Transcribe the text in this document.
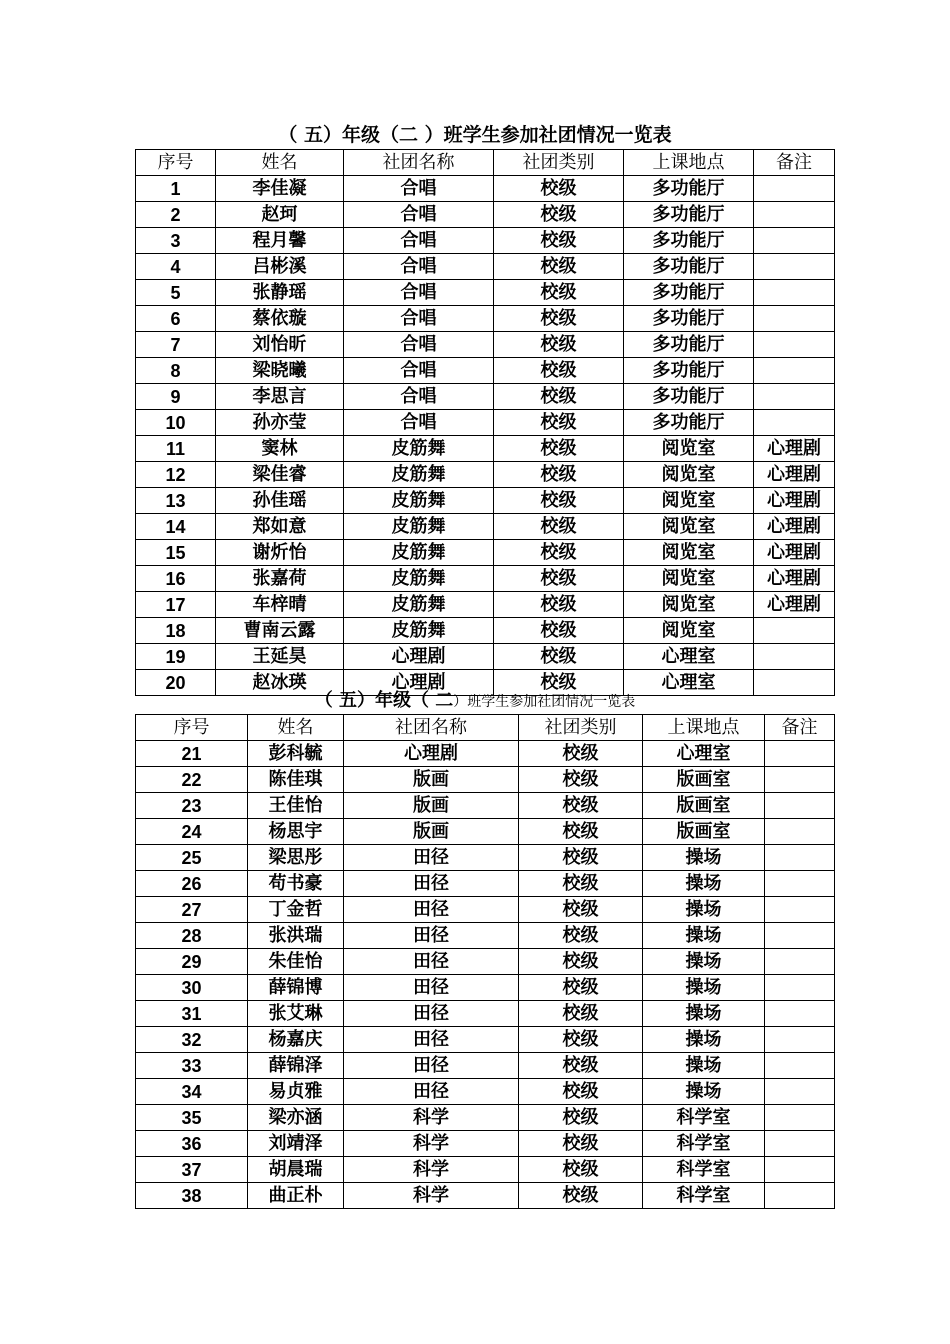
（ 五）年级（二 ）班学生参加社团情况一览表
序号	姓名	社团名称	社团类别	上课地点	备注
1	李佳凝	合唱	校级	多功能厅	
2	赵珂	合唱	校级	多功能厅	
3	程月馨	合唱	校级	多功能厅	
4	吕彬溪	合唱	校级	多功能厅	
5	张静瑶	合唱	校级	多功能厅	
6	蔡依璇	合唱	校级	多功能厅	
7	刘怡昕	合唱	校级	多功能厅	
8	梁晓曦	合唱	校级	多功能厅	
9	李思言	合唱	校级	多功能厅	
10	孙亦莹	合唱	校级	多功能厅	
11	窦林	皮筋舞	校级	阅览室	心理剧
12	梁佳睿	皮筋舞	校级	阅览室	心理剧
13	孙佳瑶	皮筋舞	校级	阅览室	心理剧
14	郑如意	皮筋舞	校级	阅览室	心理剧
15	谢炘怡	皮筋舞	校级	阅览室	心理剧
16	张嘉荷	皮筋舞	校级	阅览室	心理剧
17	车梓晴	皮筋舞	校级	阅览室	心理剧
18	曹南云露	皮筋舞	校级	阅览室	
19	王延昊	心理剧	校级	心理室	
20	赵冰瑛	心理剧	校级	心理室	
（ 五）年级（ 二）班学生参加社团情况一览表
序号	姓名	社团名称	社团类别	上课地点	备注
21	彭科毓	心理剧	校级	心理室	
22	陈佳琪	版画	校级	版画室	
23	王佳怡	版画	校级	版画室	
24	杨思宇	版画	校级	版画室	
25	梁思彤	田径	校级	操场	
26	苟书豪	田径	校级	操场	
27	丁金哲	田径	校级	操场	
28	张洪瑞	田径	校级	操场	
29	朱佳怡	田径	校级	操场	
30	薛锦博	田径	校级	操场	
31	张艾琳	田径	校级	操场	
32	杨嘉庆	田径	校级	操场	
33	薛锦泽	田径	校级	操场	
34	易贞雅	田径	校级	操场	
35	梁亦涵	科学	校级	科学室	
36	刘靖泽	科学	校级	科学室	
37	胡晨瑞	科学	校级	科学室	
38	曲正朴	科学	校级	科学室	
